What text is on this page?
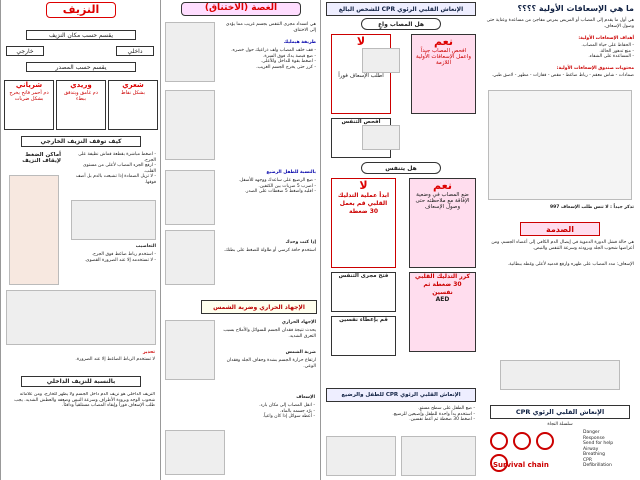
النزيف
يقسم حسب مكان النزيف
خارجي	داخلي
يقسم حسب المصدر
شرياني
دم أحمر فاتح يخرج بشكل ضربات
وريدي
دم غامق ويتدفق ببطء
شعري
بشكل نقاط
كيف توقف النزيف الخارجي
أماكن الضغط لإيقاف النزيف
- اضغط مباشرة بقطعة قماش نظيفة على الجرح.
- ارفع الجزء المصاب لأعلى من مستوى القلب.
- لا تزيل الضمادة إذا تشبعت بالدم بل أضف فوقها.
التعاصيب
- استخدم رباط ضاغط فوق الجرح.
- لا تستخدمه إلا عند الضرورة القصوى.
تحذير
لا تستخدم الرباط الضاغط إلا عند الضرورة.
بالنسبة للنزيف الداخلي
النزيف الداخلي هو نزيف الدم داخل الجسم ولا يظهر للخارج، ومن علاماته شحوب الوجه وبرودة الأطراف وسرعة النبض وضعفه والعطش الشديد. يجب طلب الإسعاف فوراً وإبقاء المصاب مستلقياً ودافئاً.
الغصة (الاختناق)
هي انسداد مجرى التنفس بجسم غريب مما يؤدي إلى الاختناق.
طريقة هيمليك
- قف خلف المصاب ولف ذراعيك حول خصره.
- ضع قبضة يدك فوق السرة.
- اضغط بقوة للداخل وللأعلى.
- كرر حتى يخرج الجسم الغريب.
بالنسبة للطفل الرضيع
- ضع الرضيع على ساعدك ووجهه للأسفل.
- اضرب 5 ضربات بين الكتفين.
- اقلبه واضغط 5 ضغطات على الصدر.
إذا كنت وحدك
استخدم حافة كرسي أو طاولة للضغط على بطنك.
الإجهاد الحراري وضربة الشمس
الإجهاد الحراري
يحدث نتيجة فقدان الجسم للسوائل والأملاح بسبب التعرق الشديد.
ضربة الشمس
ارتفاع حرارة الجسم بشدة وجفاف الجلد وفقدان الوعي.
الإسعاف
- انقل المصاب إلى مكان بارد.
- برّد جسمه بالماء.
- أعطه سوائل إذا كان واعياً.
الإنعاش القلبي الرئوي CPR للشخص البالغ
هل المصاب واعٍ
لا
اطلب الإسعاف فوراً
نعم
افحص المصاب جيداً واعمل الإسعافات الأولية اللازمة
افحص التنفس
هل يتنفس
لا
ابدأ عملية التدليك القلبي قم بعمل 30 ضغطة
نعم
ضع المصاب في وضعية الإفاقة مع ملاحظته حتى وصول الإسعاف
فتح مجرى التنفس
قم بإعطاء نفسين
كرر التدليك القلبي 30 ضغطة ثم نفسين
AED
الإنعاش القلبي الرئوي CPR للطفل والرضيع
- ضع الطفل على سطح مستوٍ.
- استخدم يداً واحدة للطفل وإصبعين للرضيع.
- اضغط 30 ضغطة ثم أعط نفسين.
ما هي الإسعافات الأولية ؟؟؟؟
هي أول ما يقدم إلى المصاب أو المريض بمرض مفاجئ من مساعدة وعناية حتى وصول الإسعاف.
أهداف الإسعافات الأولية:
- الحفاظ على حياة المصاب.
- منع تدهور الحالة.
- المساعدة على الشفاء.
محتويات صندوق الإسعافات الأولية:
ضمادات - شاش معقم - رباط ضاغط - مقص - قفازات - مطهر - لاصق طبي.
تذكر جيداً : لا تنس طلب الإسعاف 997
الصدمة
هي حالة فشل الدورة الدموية في إيصال الدم الكافي إلى أعضاء الجسم، ومن أعراضها شحوب الجلد وبرودته وسرعة التنفس والنبض.
الإسعاف: مدد المصاب على ظهره وارفع قدميه لأعلى وغطه ببطانية.
الإنعاش القلبي الرئوي CPR
سلسلة النجاة
Danger
Response
Send for help
Airway
Breathing
CPR
Defibrillation
Survival chain
